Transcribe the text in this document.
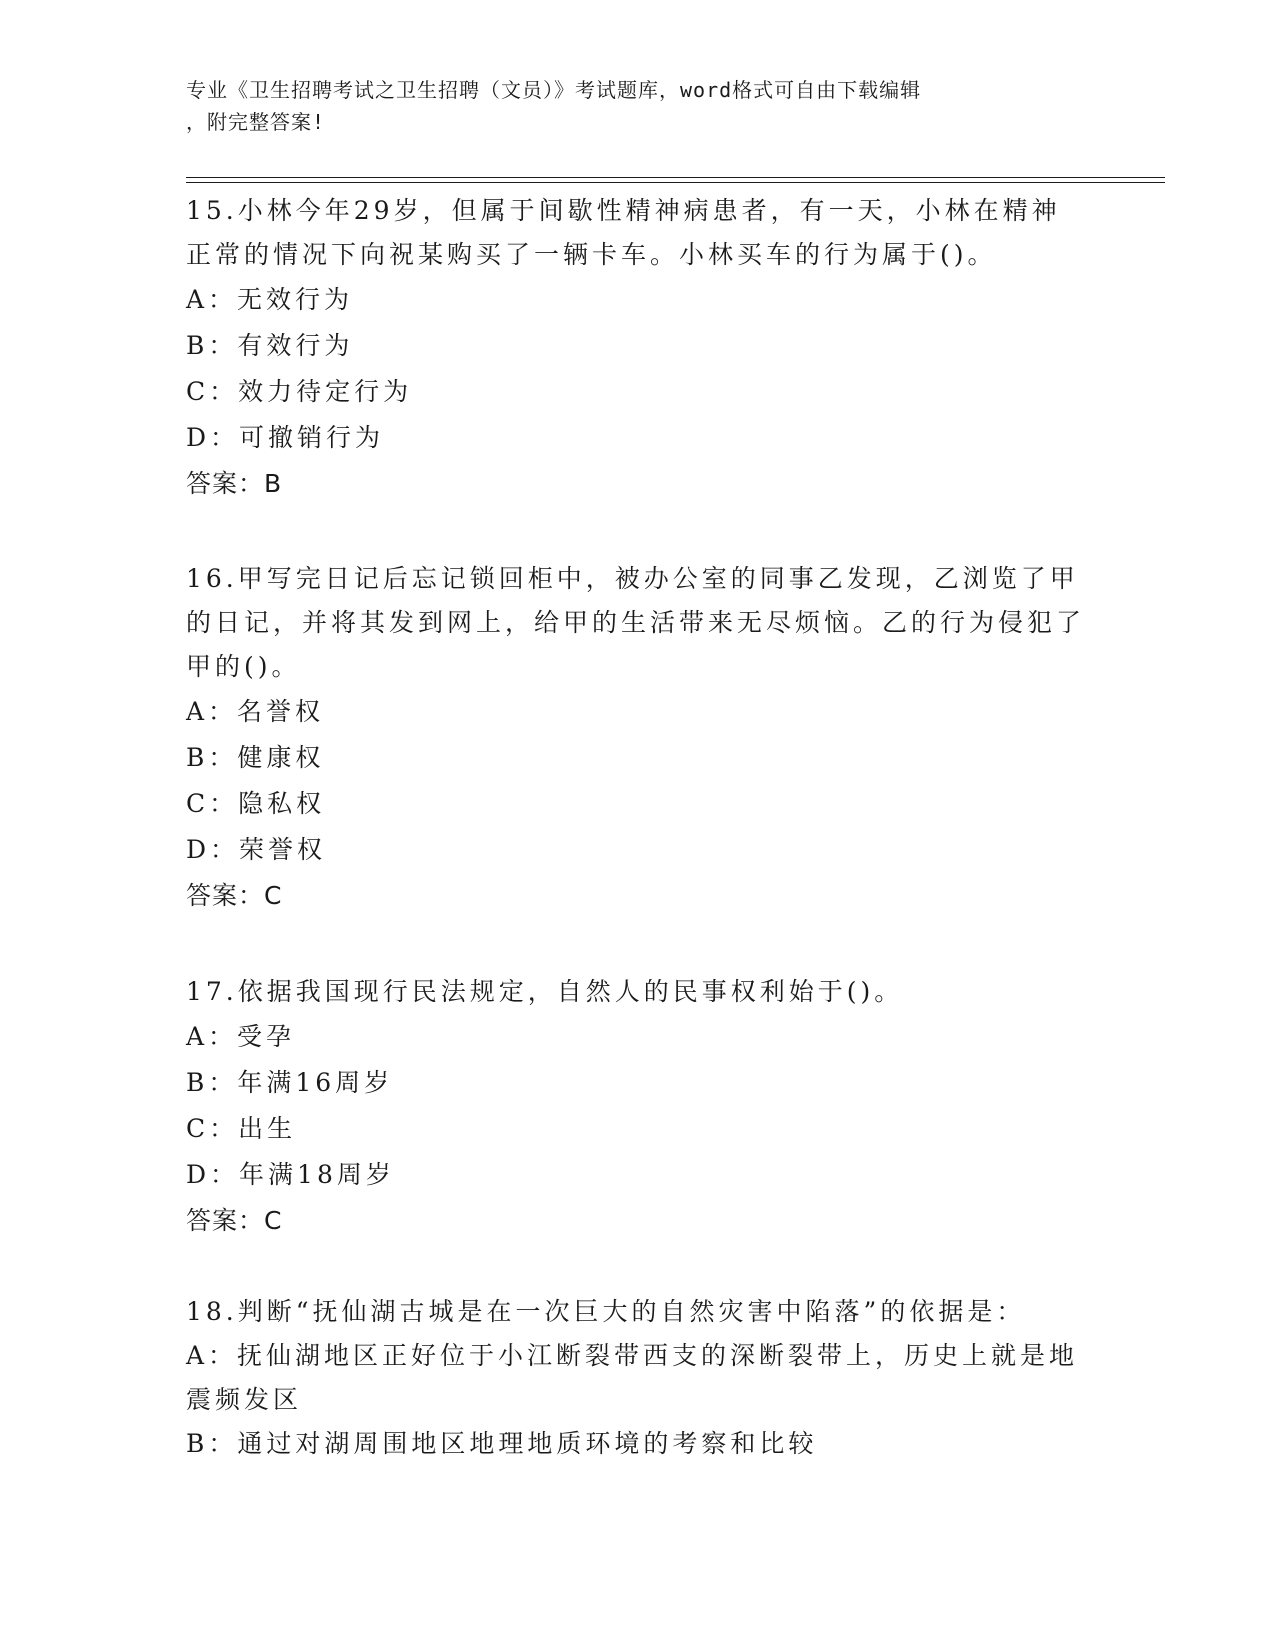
专业《卫生招聘考试之卫生招聘（文员）》考试题库，word格式可自由下载编辑
，附完整答案!
15.小林今年29岁，但属于间歇性精神病患者，有一天，小林在精神正常的情况下向祝某购买了一辆卡车。小林买车的行为属于()。
A：无效行为
B：有效行为
C：效力待定行为
D：可撤销行为
答案：B
16.甲写完日记后忘记锁回柜中，被办公室的同事乙发现，乙浏览了甲的日记，并将其发到网上，给甲的生活带来无尽烦恼。乙的行为侵犯了甲的()。
A：名誉权
B：健康权
C：隐私权
D：荣誉权
答案：C
17.依据我国现行民法规定，自然人的民事权利始于()。
A：受孕
B：年满16周岁
C：出生
D：年满18周岁
答案：C
18.判断“抚仙湖古城是在一次巨大的自然灾害中陷落”的依据是：
A：抚仙湖地区正好位于小江断裂带西支的深断裂带上，历史上就是地震频发区
B：通过对湖周围地区地理地质环境的考察和比较
